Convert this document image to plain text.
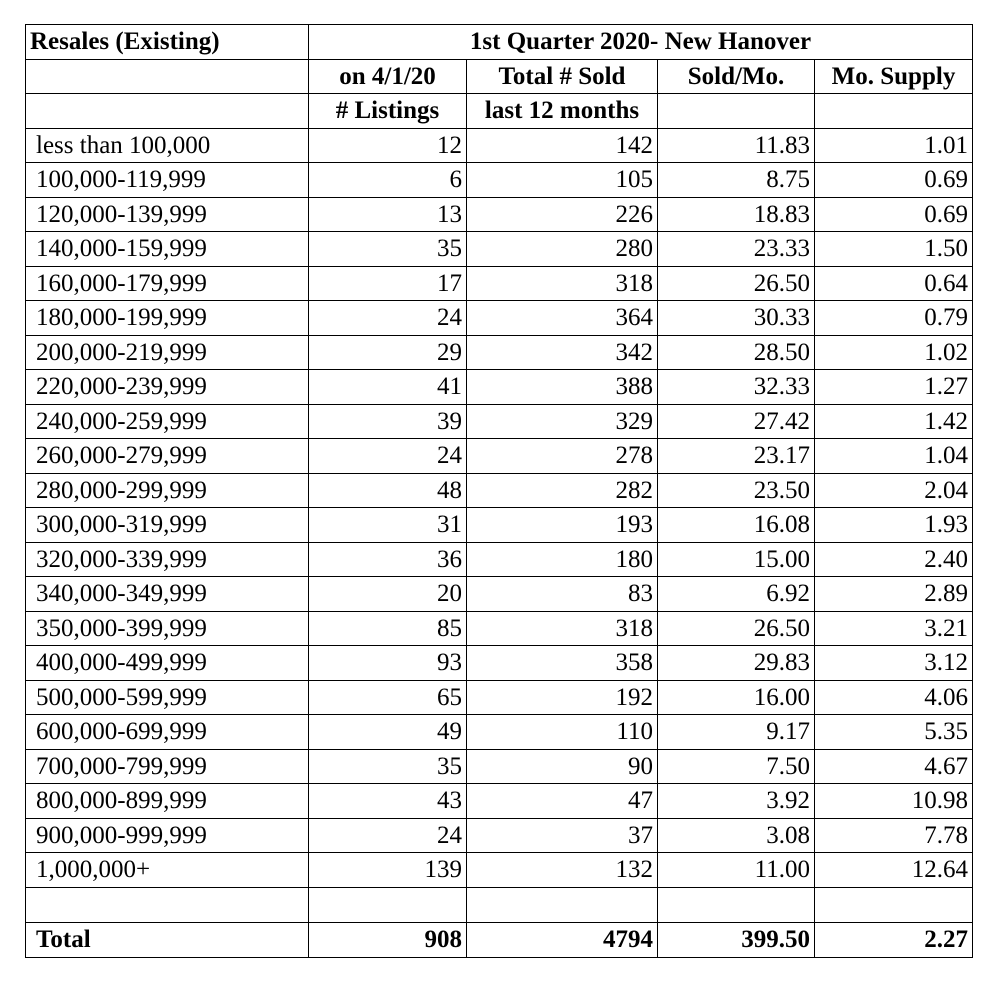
Resales (Existing)	1st Quarter 2020- New Hanover			
	on 4/1/20	Total # Sold	Sold/Mo.	Mo. Supply
	# Listings	last 12 months		
less than 100,000	12	142	11.83	1.01
100,000-119,999	6	105	8.75	0.69
120,000-139,999	13	226	18.83	0.69
140,000-159,999	35	280	23.33	1.50
160,000-179,999	17	318	26.50	0.64
180,000-199,999	24	364	30.33	0.79
200,000-219,999	29	342	28.50	1.02
220,000-239,999	41	388	32.33	1.27
240,000-259,999	39	329	27.42	1.42
260,000-279,999	24	278	23.17	1.04
280,000-299,999	48	282	23.50	2.04
300,000-319,999	31	193	16.08	1.93
320,000-339,999	36	180	15.00	2.40
340,000-349,999	20	83	6.92	2.89
350,000-399,999	85	318	26.50	3.21
400,000-499,999	93	358	29.83	3.12
500,000-599,999	65	192	16.00	4.06
600,000-699,999	49	110	9.17	5.35
700,000-799,999	35	90	7.50	4.67
800,000-899,999	43	47	3.92	10.98
900,000-999,999	24	37	3.08	7.78
1,000,000+	139	132	11.00	12.64

Total	908	4794	399.50	2.27
